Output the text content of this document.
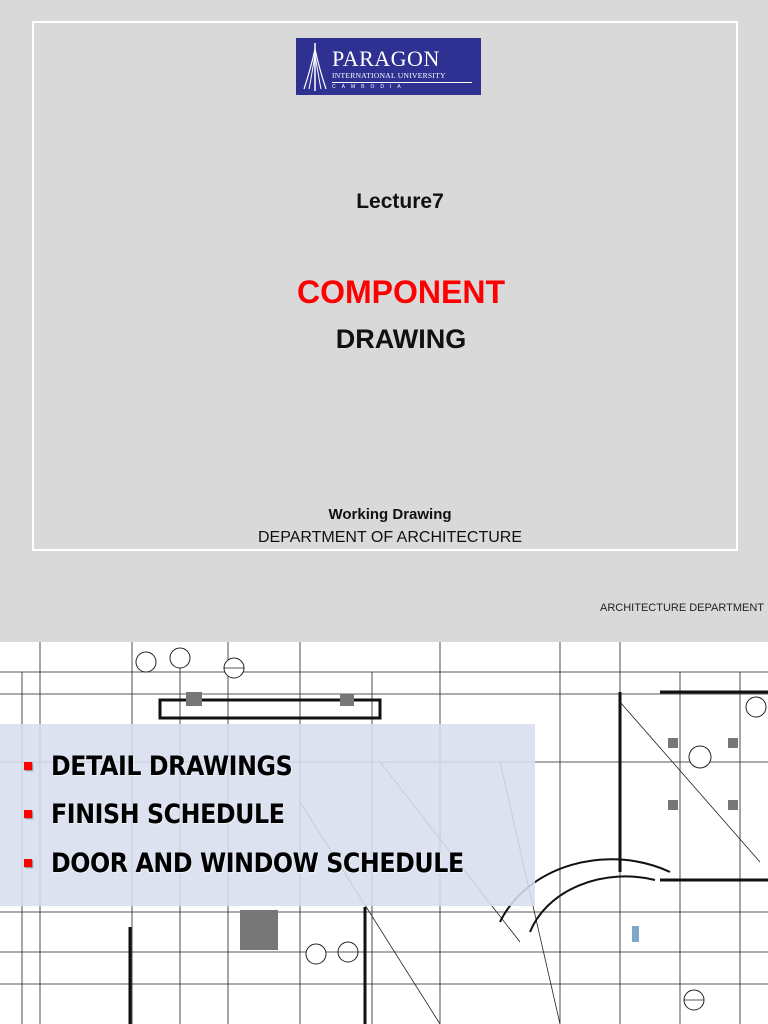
PARAGON
INTERNATIONAL UNIVERSITY
CAMBODIA
Lecture7
COMPONENT
DRAWING
Working Drawing
DEPARTMENT OF ARCHITECTURE
ARCHITECTURE DEPARTMENT
DETAIL DRAWINGS
FINISH SCHEDULE
DOOR AND WINDOW SCHEDULE
